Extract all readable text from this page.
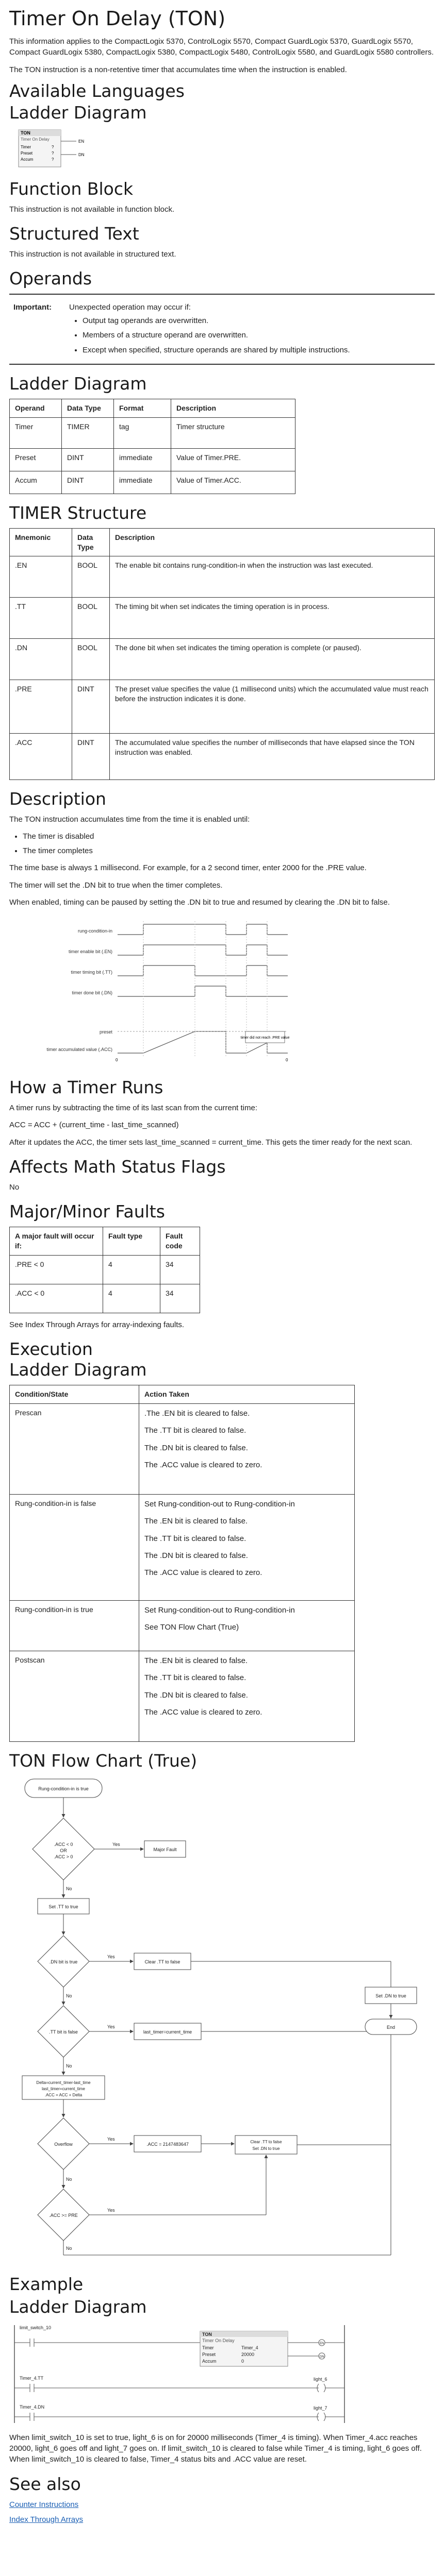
Timer On Delay (TON)

This information applies to the CompactLogix 5370, ControlLogix 5570, Compact GuardLogix 5370, GuardLogix 5570, Compact GuardLogix 5380, CompactLogix 5380, CompactLogix 5480, ControlLogix 5580, and GuardLogix 5580 controllers.

The TON instruction is a non-retentive timer that accumulates time when the instruction is enabled.

Available Languages
Ladder Diagram
TON
Timer On Delay
Timer	?
Preset	?
Accum	?
EN
DN
Function Block

This instruction is not available in function block.

Structured Text

This instruction is not available in structured text.

Operands
Important:	Unexpected operation may occur if:
• Output tag operands are overwritten.
• Members of a structure operand are overwritten.
• Except when specified, structure operands are shared by multiple instructions.
Ladder Diagram
Operand	Data Type	Format	Description
Timer	TIMER	tag	Timer structure
Preset	DINT	immediate	Value of Timer.PRE.
Accum	DINT	immediate	Value of Timer.ACC.
TIMER Structure
Mnemonic	Data Type	Description
.EN	BOOL	The enable bit contains rung-condition-in when the instruction was last executed.
.TT	BOOL	The timing bit when set indicates the timing operation is in process.
.DN	BOOL	The done bit when set indicates the timing operation is complete (or paused).
.PRE	DINT	The preset value specifies the value (1 millisecond units) which the accumulated value must reach before the instruction indicates it is done.
.ACC	DINT	The accumulated value specifies the number of milliseconds that have elapsed since the TON instruction was enabled.
Description

The TON instruction accumulates time from the time it is enabled until:

• The timer is disabled
• The timer completes

The time base is always 1 millisecond. For example, for a 2 second timer, enter 2000 for the .PRE value.

The timer will set the .DN bit to true when the timer completes.

When enabled, timing can be paused by setting the .DN bit to true and resumed by clearing the .DN bit to false.

rung-condition-in
timer enable bit (.EN)
timer timing bit (.TT)
timer done bit (.DN)
preset
timer accumulated value (.ACC)
timer did not reach .PRE value
0	0
How a Timer Runs

A timer runs by subtracting the time of its last scan from the current time:

ACC = ACC + (current_time - last_time_scanned)

After it updates the ACC, the timer sets last_time_scanned = current_time. This gets the timer ready for the next scan.

Affects Math Status Flags

No

Major/Minor Faults
A major fault will occur if:	Fault type	Fault code
.PRE < 0	4	34
.ACC < 0	4	34

See Index Through Arrays for array-indexing faults.

Execution
Ladder Diagram
Condition/State	Action Taken
Prescan	.The .EN bit is cleared to false.

The .TT bit is cleared to false.

The .DN bit is cleared to false.

The .ACC value is cleared to zero.

Rung-condition-in is false	Set Rung-condition-out to Rung-condition-in

The .EN bit is cleared to false.

The .TT bit is cleared to false.

The .DN bit is cleared to false.

The .ACC value is cleared to zero.

Rung-condition-in is true	Set Rung-condition-out to Rung-condition-in

See TON Flow Chart (True)

Postscan	The .EN bit is cleared to false.

The .TT bit is cleared to false.

The .DN bit is cleared to false.

The .ACC value is cleared to zero.

TON Flow Chart (True)
Rung-condition-in is true
.ACC < 0
OR
.ACC > 0
Yes
Major Fault
No
Set .TT to true
.DN bit is true
Yes
Clear .TT to false
No
.TT bit is false
Yes
last_timer=current_time
No
Delta=current_timer-last_time
last_timer=current_time
.ACC = ACC + Delta
Overflow
Yes
.ACC = 2147483647	Clear .TT to false
Set .DN to true
No
.ACC >= PRE
Yes
No
Set .DN to true
End
Example
Ladder Diagram
limit_switch_10
TON
Timer On Delay
Timer	Timer_4
Preset	20000
Accum	0
EN
DN
Timer_4.TT	light_6
Timer_4.DN	light_7

When limit_switch_10 is set to true, light_6 is on for 20000 milliseconds (Timer_4 is timing). When Timer_4.acc reaches 20000, light_6 goes off and light_7 goes on. If limit_switch_10 is cleared to false while Timer_4 is timing, light_6 goes off. When limit_switch_10 is cleared to false, Timer_4 status bits and .ACC value are reset.

See also

Counter Instructions

Index Through Arrays
